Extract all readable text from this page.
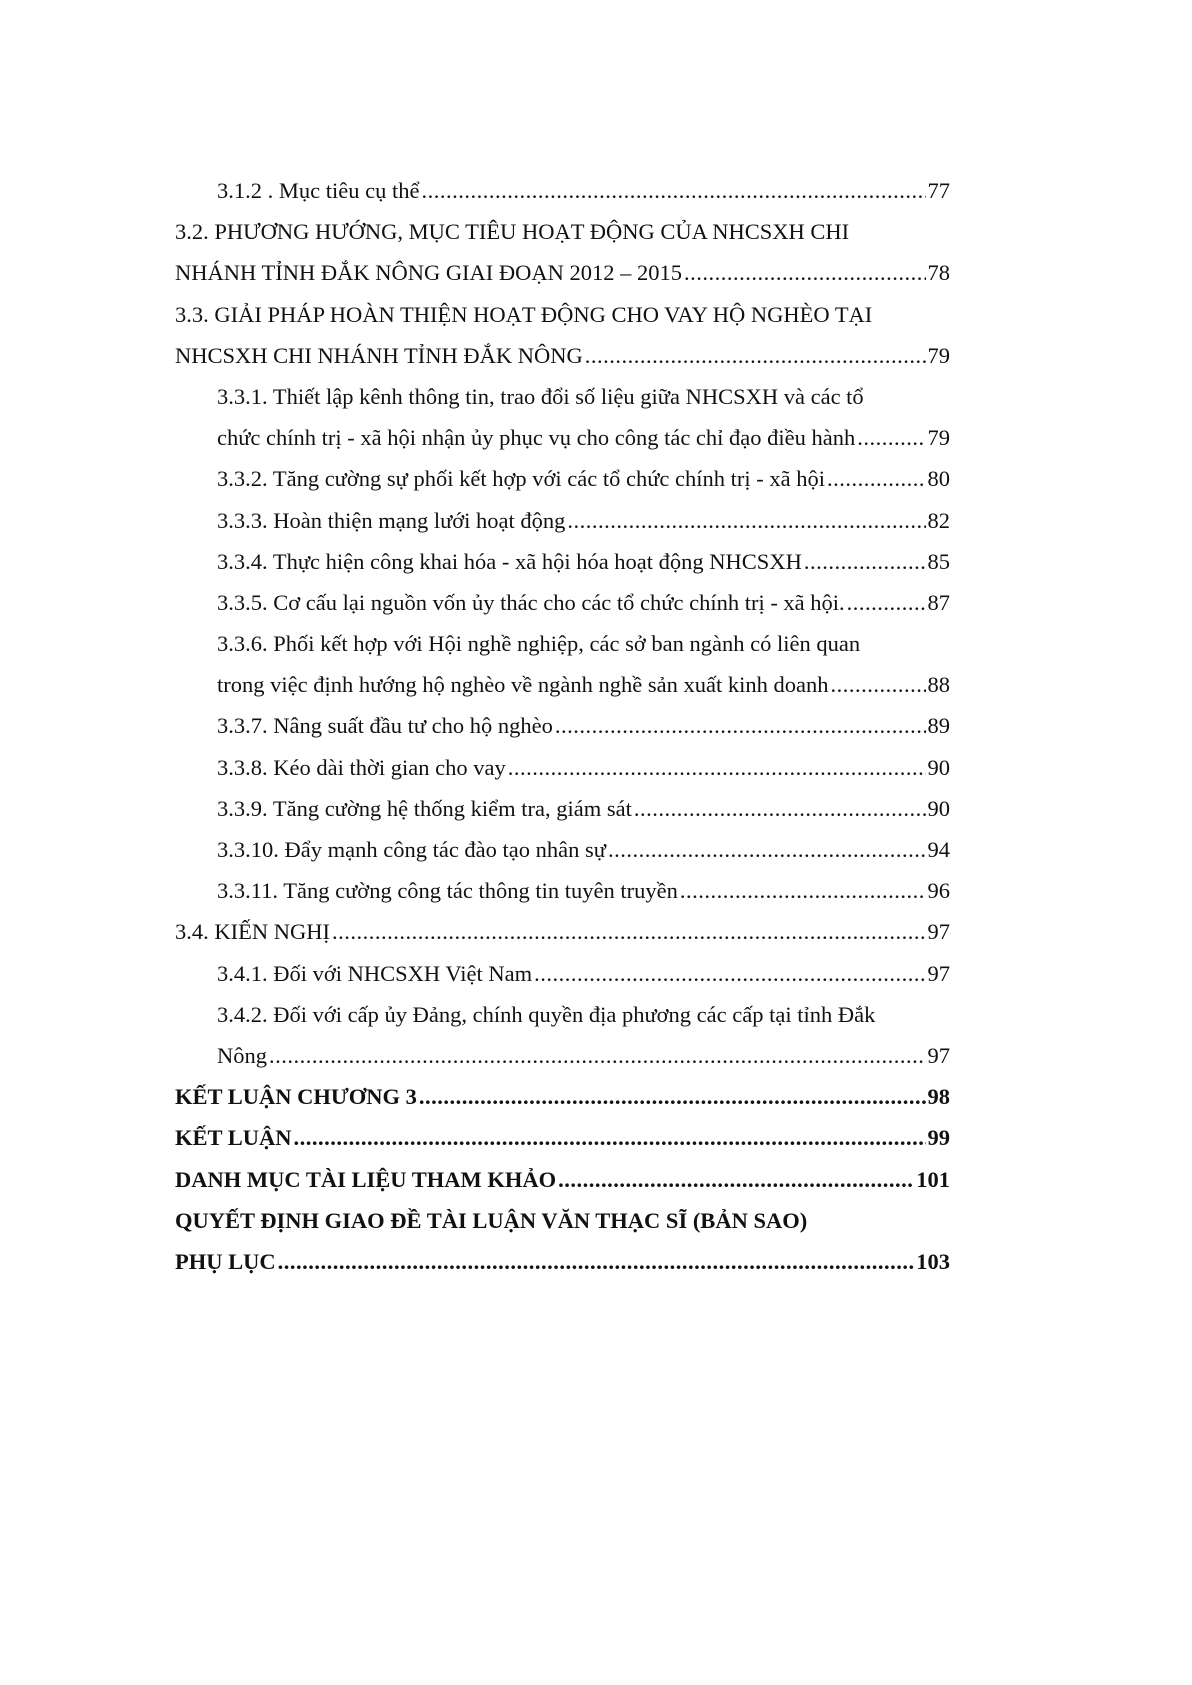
3.1.2 . Mục tiêu cụ thể .....	77
3.2. PHƯƠNG HƯỚNG, MỤC TIÊU HOẠT ĐỘNG CỦA NHCSXH CHI
NHÁNH TỈNH ĐẮK NÔNG GIAI ĐOẠN 2012 – 2015 .....	78
3.3. GIẢI PHÁP HOÀN THIỆN HOẠT ĐỘNG CHO VAY HỘ NGHÈO TẠI
NHCSXH CHI NHÁNH TỈNH ĐẮK NÔNG .....	79
3.3.1. Thiết lập kênh thông tin, trao đổi số liệu giữa NHCSXH và các tổ
chức chính trị - xã hội nhận ủy phục vụ cho công tác chỉ đạo điều hành .....	79
3.3.2. Tăng cường sự phối kết hợp với các tổ chức chính trị - xã hội .....	80
3.3.3. Hoàn thiện mạng lưới hoạt động .....	82
3.3.4. Thực hiện công khai hóa - xã hội hóa hoạt động NHCSXH .....	85
3.3.5. Cơ cấu lại nguồn vốn ủy thác cho các tổ chức chính trị - xã hội. .....	87
3.3.6. Phối kết hợp với Hội nghề nghiệp, các sở ban ngành có liên quan
trong việc định hướng hộ nghèo về ngành nghề sản xuất kinh doanh .....	88
3.3.7. Nâng suất đầu tư cho hộ nghèo .....	89
3.3.8. Kéo dài thời gian cho vay .....	90
3.3.9. Tăng cường hệ thống kiểm tra, giám sát .....	90
3.3.10. Đẩy mạnh công tác đào tạo nhân sự .....	94
3.3.11. Tăng cường công tác thông tin tuyên truyền .....	96
3.4. KIẾN NGHỊ .....	97
3.4.1. Đối với NHCSXH Việt Nam .....	97
3.4.2. Đối với cấp ủy Đảng, chính quyền địa phương các cấp tại tỉnh Đắk
Nông .....	97
KẾT LUẬN CHƯƠNG 3 .....	98
KẾT LUẬN .....	99
DANH MỤC TÀI LIỆU THAM KHẢO .....	101
QUYẾT ĐỊNH GIAO ĐỀ TÀI LUẬN VĂN THẠC SĨ (BẢN SAO)
PHỤ LỤC .....	103
